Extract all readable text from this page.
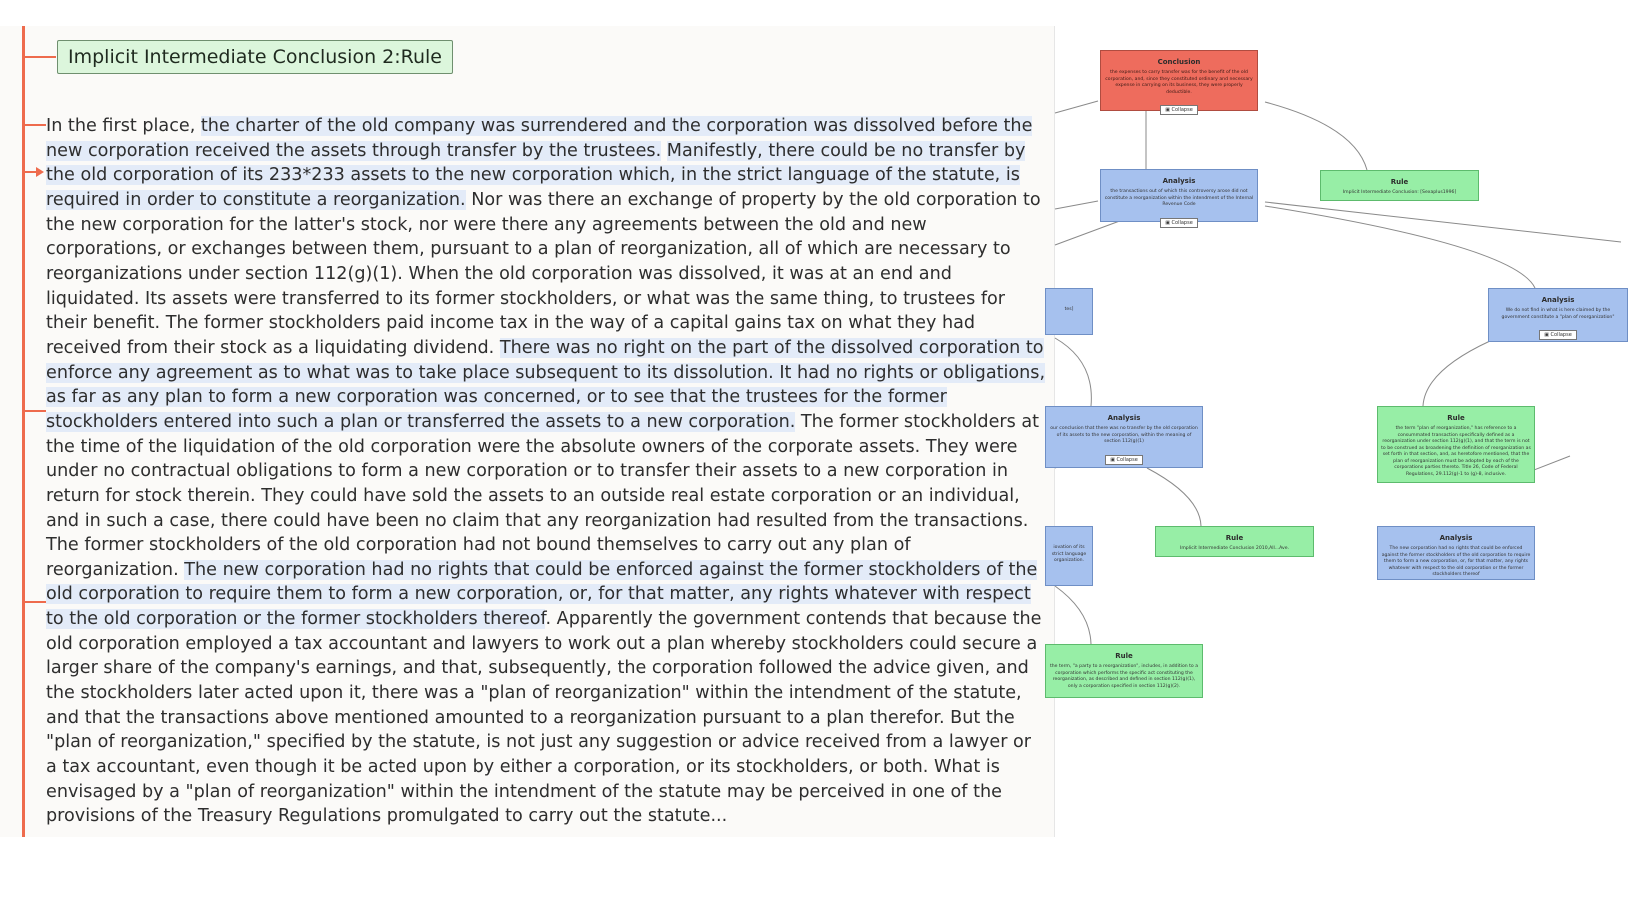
Implicit Intermediate Conclusion 2:Rule
In the first place, the charter of the old company was surrendered and the corporation was dissolved before the new corporation received the assets through transfer by the trustees. Manifestly, there could be no transfer by the old corporation of its 233*233 assets to the new corporation which, in the strict language of the statute, is required in order to constitute a reorganization. Nor was there an exchange of property by the old corporation to the new corporation for the latter's stock, nor were there any agreements between the old and new corporations, or exchanges between them, pursuant to a plan of reorganization, all of which are necessary to reorganizations under section 112(g)(1). When the old corporation was dissolved, it was at an end and liquidated. Its assets were transferred to its former stockholders, or what was the same thing, to trustees for their benefit. The former stockholders paid income tax in the way of a capital gains tax on what they had received from their stock as a liquidating dividend. There was no right on the part of the dissolved corporation to enforce any agreement as to what was to take place subsequent to its dissolution. It had no rights or obligations, as far as any plan to form a new corporation was concerned, or to see that the trustees for the former stockholders entered into such a plan or transferred the assets to a new corporation. The former stockholders at the time of the liquidation of the old corporation were the absolute owners of the corporate assets. They were under no contractual obligations to form a new corporation or to transfer their assets to a new corporation in return for stock therein. They could have sold the assets to an outside real estate corporation or an individual, and in such a case, there could have been no claim that any reorganization had resulted from the transactions. The former stockholders of the old corporation had not bound themselves to carry out any plan of reorganization. The new corporation had no rights that could be enforced against the former stockholders of the old corporation to require them to form a new corporation, or, for that matter, any rights whatever with respect to the old corporation or the former stockholders thereof. Apparently the government contends that because the old corporation employed a tax accountant and lawyers to work out a plan whereby stockholders could secure a larger share of the company's earnings, and that, subsequently, the corporation followed the advice given, and the stockholders later acted upon it, there was a "plan of reorganization" within the intendment of the statute, and that the transactions above mentioned amounted to a reorganization pursuant to a plan therefor. But the "plan of reorganization," specified by the statute, is not just any suggestion or advice received from a lawyer or a tax accountant, even though it be acted upon by either a corporation, or its stockholders, or both. What is envisaged by a "plan of reorganization" within the intendment of the statute may be perceived in one of the provisions of the Treasury Regulations promulgated to carry out the statute...
Conclusion
the expenses to carry transfer was for the benefit of the old corporation, and, since they constituted ordinary and necessary expense in carrying on its business, they were properly deductible.
▣ Collapse
Analysis
the transactions out of which this controversy arose did not constitute a reorganization within the intendment of the Internal Revenue Code
▣ Collapse
Rule
Implicit Intermediate Conclusion: [Sexaplus1996]
tes]
Analysis
We do not find in what is here claimed by the government constitute a "plan of reorganization"
▣ Collapse
Analysis
our conclusion that there was no transfer by the old corporation of its assets to the new corporation, within the meaning of section 112(g)(1)
▣ Collapse
Rule
the term "plan of reorganization," has reference to a consummated transaction specifically defined as a reorganization under section 112(g)(1), and that the term is not to be construed as broadening the definition of reorganization as set forth in that section, and, as heretofore mentioned, that the plan of reorganization must be adopted by each of the corporations parties thereto. Title 26, Code of Federal Regulations, 29.112(g)-1 to (g)-8, inclusive.
iovation of its strict language organization.
Rule
Implicit Intermediate Conclusion 2010,All...Ave.
Analysis
The new corporation had no rights that could be enforced against the former stockholders of the old corporation to require them to form a new corporation, or, for that matter, any rights whatever with respect to the old corporation or the former stockholders thereof
Rule
the term, "a party to a reorganization", includes, in addition to a corporation which performs the specific act constituting the reorganization, as described and defined in section 112(g)(1), only a corporation specified in section 112(g)(2).
